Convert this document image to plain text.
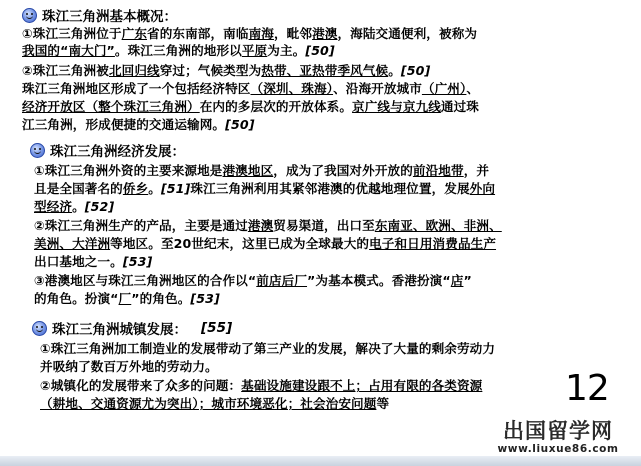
珠江三角洲基本概况：
①珠江三角洲位于广东省的东南部，南临南海，毗邻港澳，海陆交通便利，被称为
我国的“南大门”。珠江三角洲的地形以平原为主。[50]
②珠江三角洲被北回归线穿过；气候类型为热带、亚热带季风气候。[50]
珠江三角洲地区形成了一个包括经济特区（深圳、珠海）、沿海开放城市（广州）、
经济开放区（整个珠江三角洲）在内的多层次的开放体系。京广线与京九线通过珠
江三角洲，形成便捷的交通运输网。[50]
珠江三角洲经济发展：
①珠江三角洲外资的主要来源地是港澳地区，成为了我国对外开放的前沿地带，并
且是全国著名的侨乡。[51]珠江三角洲利用其紧邻港澳的优越地理位置，发展外向
型经济。[52]
②珠江三角洲生产的产品，主要是通过港澳贸易渠道，出口至东南亚、欧洲、非洲、
美洲、大洋洲等地区。至20世纪末，这里已成为全球最大的电子和日用消费品生产
出口基地之一。[53]
③港澳地区与珠江三角洲地区的合作以“前店后厂”为基本模式。香港扮演“店”
的角色。扮演“厂”的角色。[53]
珠江三角洲城镇发展： [55]
①珠江三角洲加工制造业的发展带动了第三产业的发展，解决了大量的剩余劳动力
并吸纳了数百万外地的劳动力。
②城镇化的发展带来了众多的问题：基础设施建设跟不上；占用有限的各类资源
（耕地、交通资源尤为突出）；城市环境恶化；社会治安问题等	12
出国留学网
www.liuxue86.com
